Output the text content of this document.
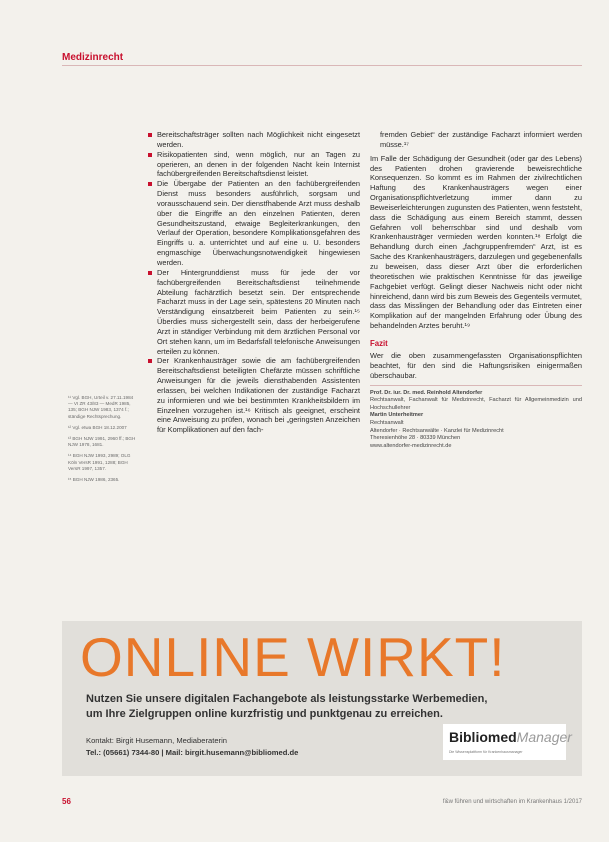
Medizinrecht

¹¹ Vgl. BGH, Urteil v. 27.11.1984 — VI ZR 43/83 — MedR 1985, 135; BGH NJW 1983, 1374 f.; ständige Rechtsprechung.

¹² Vgl. etwa BGH 18.12.2007

¹³ BGH NJW 1991, 2960 ff.; BGH NJW 1978, 1681.

¹⁴ BGH NJW 1993, 2989; OLG Köln VersR 1991, 1288; BGH VersR 1997, 1357.

¹⁵ BGH NJW 1986, 2365.

Bereitschaftsträger sollten nach Möglichkeit nicht eingesetzt werden.
Risikopatienten sind, wenn möglich, nur an Tagen zu operieren, an denen in der folgenden Nacht kein Internist fachübergreifenden Bereitschaftsdienst leistet.
Die Übergabe der Patienten an den fachübergreifenden Dienst muss besonders ausführlich, sorgsam und vorausschauend sein. Der dienstfhabende Arzt muss deshalb über die Eingriffe an den einzelnen Patienten, deren Gesundheitszustand, etwaige Begleiterkrankungen, den Verlauf der Operation, besondere Komplikationsgefahren des Eingriffs u. a. unterrichtet und auf eine u. U. besonders engmaschige Überwachungsnotwendigkeit hingewiesen werden.
Der Hintergrunddienst muss für jede der vor fachübergreifenden Bereitschaftsdienst teilnehmende Abteilung fachärztlich besetzt sein. Der entsprechende Facharzt muss in der Lage sein, spätestens 20 Minuten nach Verständigung einsatzbereit beim Patienten zu sein.¹⁵ Überdies muss sichergestellt sein, dass der herbeigerufene Arzt in ständiger Verbindung mit dem ärztlichen Personal vor Ort stehen kann, um im Bedarfsfall telefonische Anweisungen erteilen zu können.
Der Krankenhausträger sowie die am fachübergreifenden Bereitschaftsdienst beteiligten Chefärzte müssen schriftliche Anweisungen für die jeweils diensthabenden Assistenten erlassen, bei welchen Indikationen der zuständige Facharzt zu informieren und wie bei bestimmten Krankheitsbildern im Einzelnen vorzugehen ist.¹⁶ Kritisch als geeignet, erscheint eine Anweisung zu prüfen, wonach bei „geringsten Anzeichen für Komplikationen auf den fach-

fremden Gebiet“ der zuständige Facharzt informiert werden müsse.¹⁷

Im Falle der Schädigung der Gesundheit (oder gar des Lebens) des Patienten drohen gravierende beweisrechtliche Konsequenzen. So kommt es im Rahmen der zivilrechtlichen Haftung des Krankenhausträgers wegen einer Organisationspflichtverletzung immer dann zu Beweiserleichterungen zugunsten des Patienten, wenn feststeht, dass die Schädigung aus einem Bereich stammt, dessen Gefahren voll beherrschbar sind und deshalb vom Krankenhausträger vermieden werden konnten.¹⁸ Erfolgt die Behandlung durch einen „fachgruppenfremden“ Arzt, ist es Sache des Krankenhausträgers, darzulegen und gegebenenfalls zu beweisen, dass dieser Arzt über die erforderlichen theoretischen wie praktischen Kenntnisse für das jeweilige Fachgebiet verfügt. Gelingt dieser Nachweis nicht oder nicht hinreichend, dann wird bis zum Beweis des Gegenteils vermutet, dass das Misslingen der Behandlung oder das Eintreten einer Komplikation auf der mangelnden Erfahrung oder Übung des behandelnden Arztes beruht.¹⁹

Fazit

Wer die oben zusammengefassten Organisationspflichten beachtet, für den sind die Haftungsrisiken einigermaßen überschaubar.

Prof. Dr. iur. Dr. med. Reinhold Altendorfer
Rechtsanwalt, Fachanwalt für Medizinrecht, Facharzt für Allgemeinmedizin und Hochschullehrer
Martin Unterheitmer
Rechtsanwalt
Altendorfer · Rechtsanwälte · Kanzlei für Medizinrecht
Theresienhöhe 28 · 80339 München
www.altendorfer-medizinrecht.de
ONLINE WIRKT!
Nutzen Sie unsere digitalen Fachangebote als leistungsstarke Werbemedien,
um Ihre Zielgruppen online kurzfristig und punktgenau zu erreichen.
Kontakt: Birgit Husemann, Mediaberaterin
Tel.: (05661) 7344-80 | Mail: birgit.husemann@bibliomed.de
BibliomedManager
Die Wissensplattform für Krankenhausmanager
56	f&w führen und wirtschaften im Krankenhaus 1/2017
